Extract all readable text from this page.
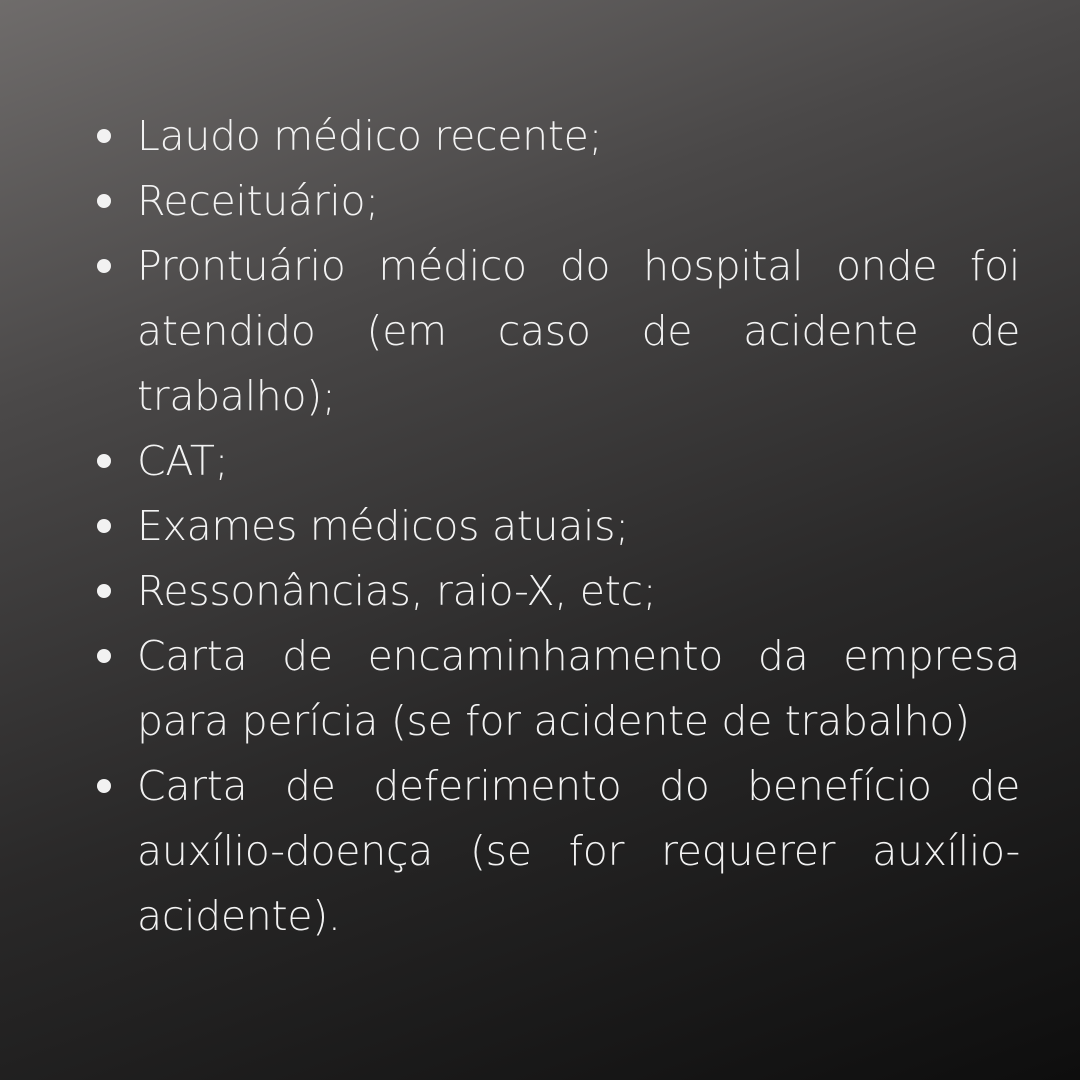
Laudo médico recente;
Receituário;
Prontuário médico do hospital onde foi atendido (em caso de acidente de trabalho);
CAT;
Exames médicos atuais;
Ressonâncias, raio-X, etc;
Carta de encaminhamento da empresa para perícia (se for acidente de trabalho)
Carta de deferimento do benefício de auxílio-doença (se for requerer auxílio-acidente).
